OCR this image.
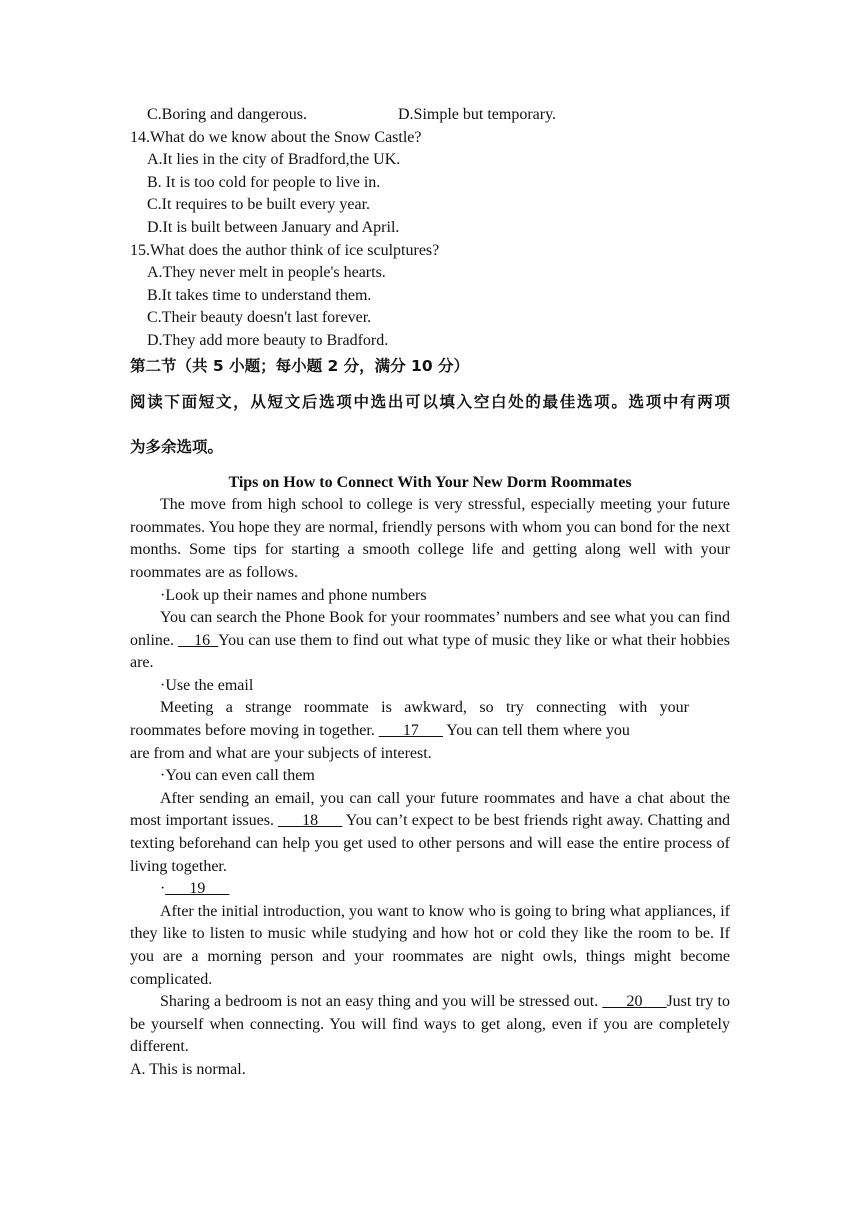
C.Boring and dangerous.	D.Simple but temporary.
14.What do we know about the Snow Castle?
A.It lies in the city of Bradford,the UK.
B. It is too cold for people to live in.
C.It requires to be built every year.
D.It is built between January and April.
15.What does the author think of ice sculptures?
A.They never melt in people's hearts.
B.It takes time to understand them.
C.Their beauty doesn't last forever.
D.They add more beauty to Bradford.
第二节（共 5 小题；每小题 2 分，满分 10 分）
阅读下面短文，从短文后选项中选出可以填入空白处的最佳选项。选项中有两项
为多余选项。
Tips on How to Connect With Your New Dorm Roommates
The move from high school to college is very stressful, especially meeting your future roommates. You hope they are normal, friendly persons with whom you can bond for the next months. Some tips for starting a smooth college life and getting along well with your roommates are as follows.
·Look up their names and phone numbers
You can search the Phone Book for your roommates’ numbers and see what you can find online. __16_You can use them to find out what type of music they like or what their hobbies are.
·Use the email
Meeting a strange roommate is awkward, so try connecting with your
roommates before moving in together. ___17___ You can tell them where you
are from and what are your subjects of interest.
·You can even call them
After sending an email, you can call your future roommates and have a chat about the most important issues. ___18___ You can’t expect to be best friends right away. Chatting and texting beforehand can help you get used to other persons and will ease the entire process of living together.
·___19___
After the initial introduction, you want to know who is going to bring what appliances, if they like to listen to music while studying and how hot or cold they like the room to be. If you are a morning person and your roommates are night owls, things might become complicated.
Sharing a bedroom is not an easy thing and you will be stressed out. ___20___Just try to be yourself when connecting. You will find ways to get along, even if you are completely different.
A. This is normal.
